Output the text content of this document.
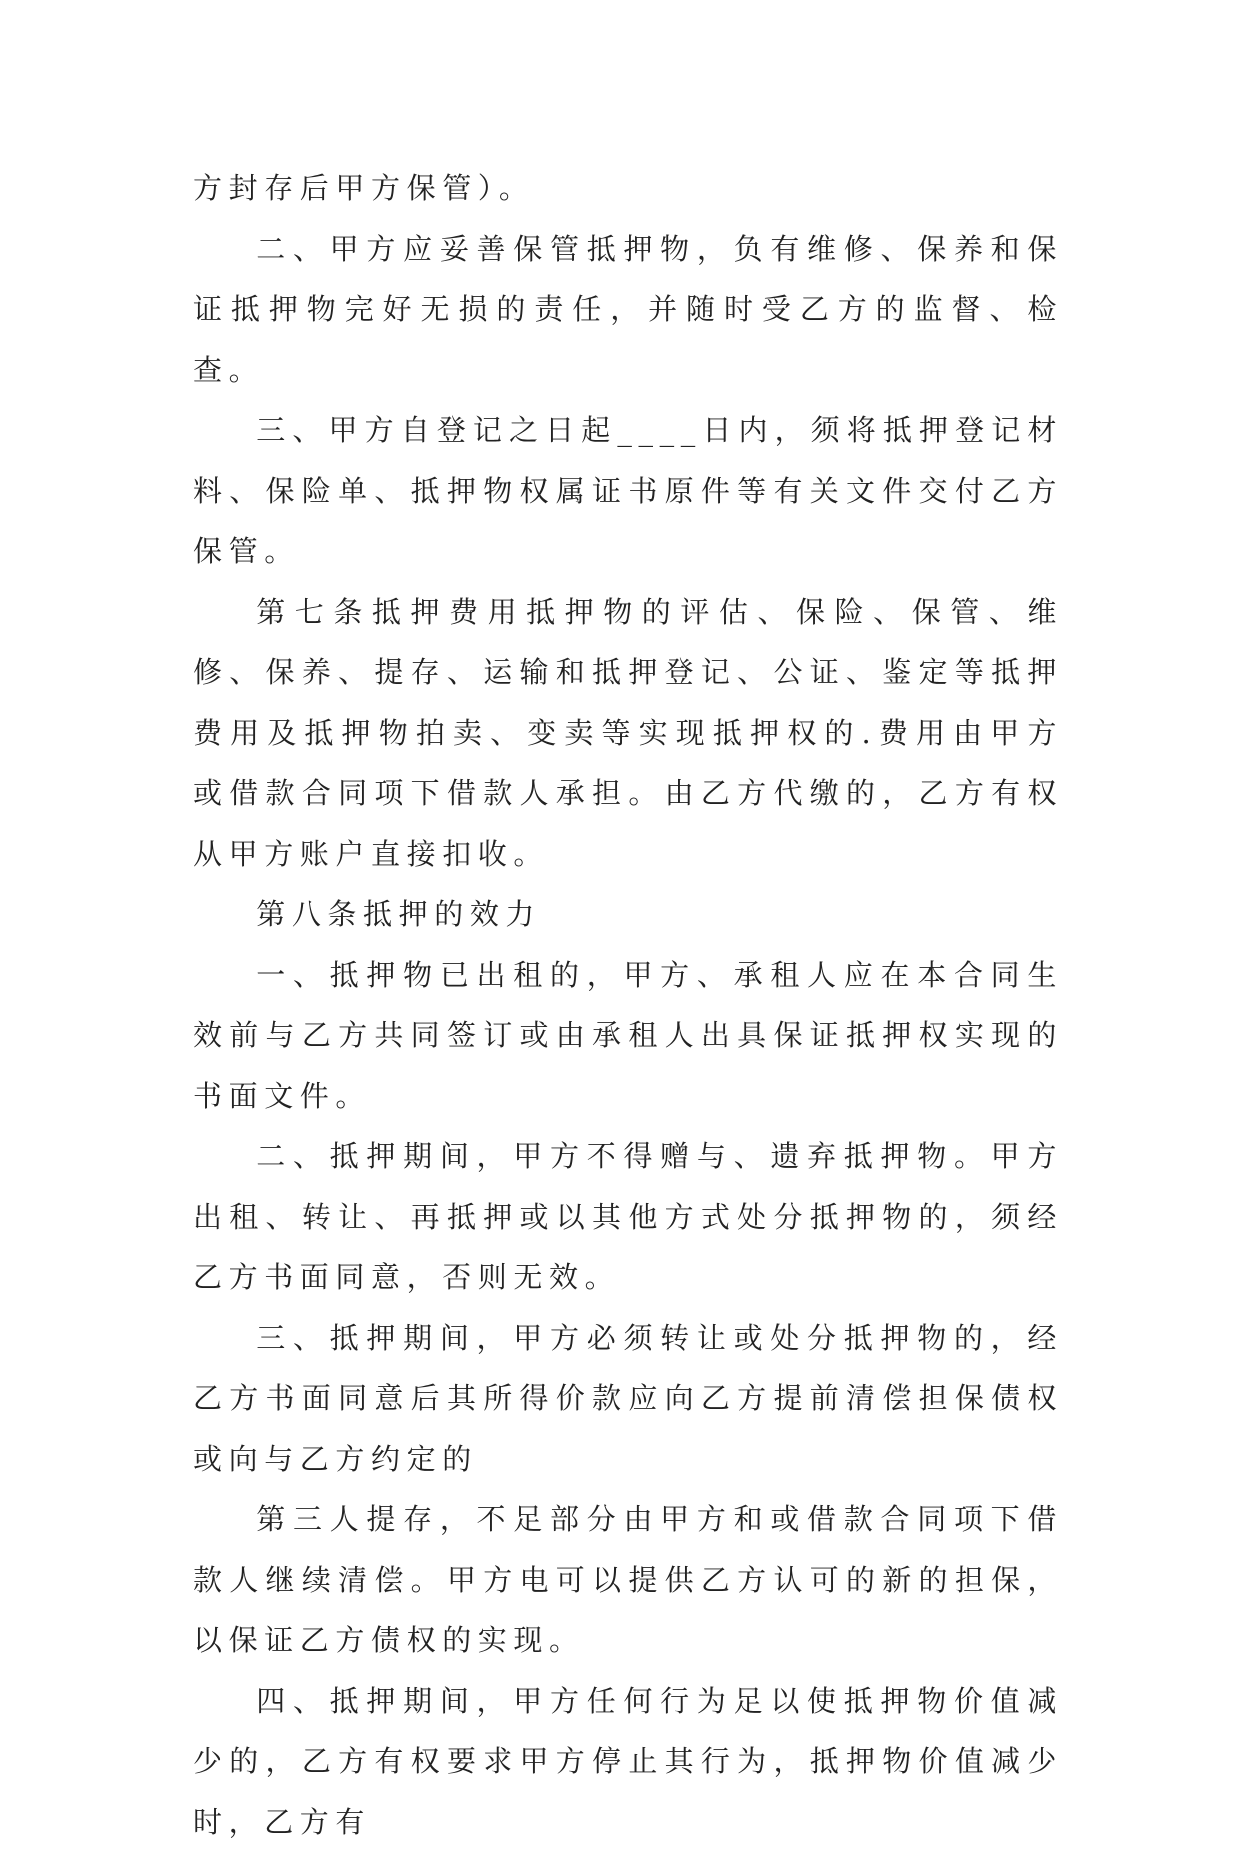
方封存后甲方保管）。

二、甲方应妥善保管抵押物，负有维修、保养和保证抵押物完好无损的责任，并随时受乙方的监督、检查。

三、甲方自登记之日起____日内，须将抵押登记材料、保险单、抵押物权属证书原件等有关文件交付乙方保管。

第七条抵押费用抵押物的评估、保险、保管、维修、保养、提存、运输和抵押登记、公证、鉴定等抵押费用及抵押物拍卖、变卖等实现抵押权的.费用由甲方或借款合同项下借款人承担。由乙方代缴的，乙方有权从甲方账户直接扣收。

第八条抵押的效力

一、抵押物已出租的，甲方、承租人应在本合同生效前与乙方共同签订或由承租人出具保证抵押权实现的书面文件。

二、抵押期间，甲方不得赠与、遗弃抵押物。甲方出租、转让、再抵押或以其他方式处分抵押物的，须经乙方书面同意，否则无效。

三、抵押期间，甲方必须转让或处分抵押物的，经乙方书面同意后其所得价款应向乙方提前清偿担保债权或向与乙方约定的

第三人提存，不足部分由甲方和或借款合同项下借款人继续清偿。甲方电可以提供乙方认可的新的担保，以保证乙方债权的实现。

四、抵押期间，甲方任何行为足以使抵押物价值减少的，乙方有权要求甲方停止其行为，抵押物价值减少时，乙方有
